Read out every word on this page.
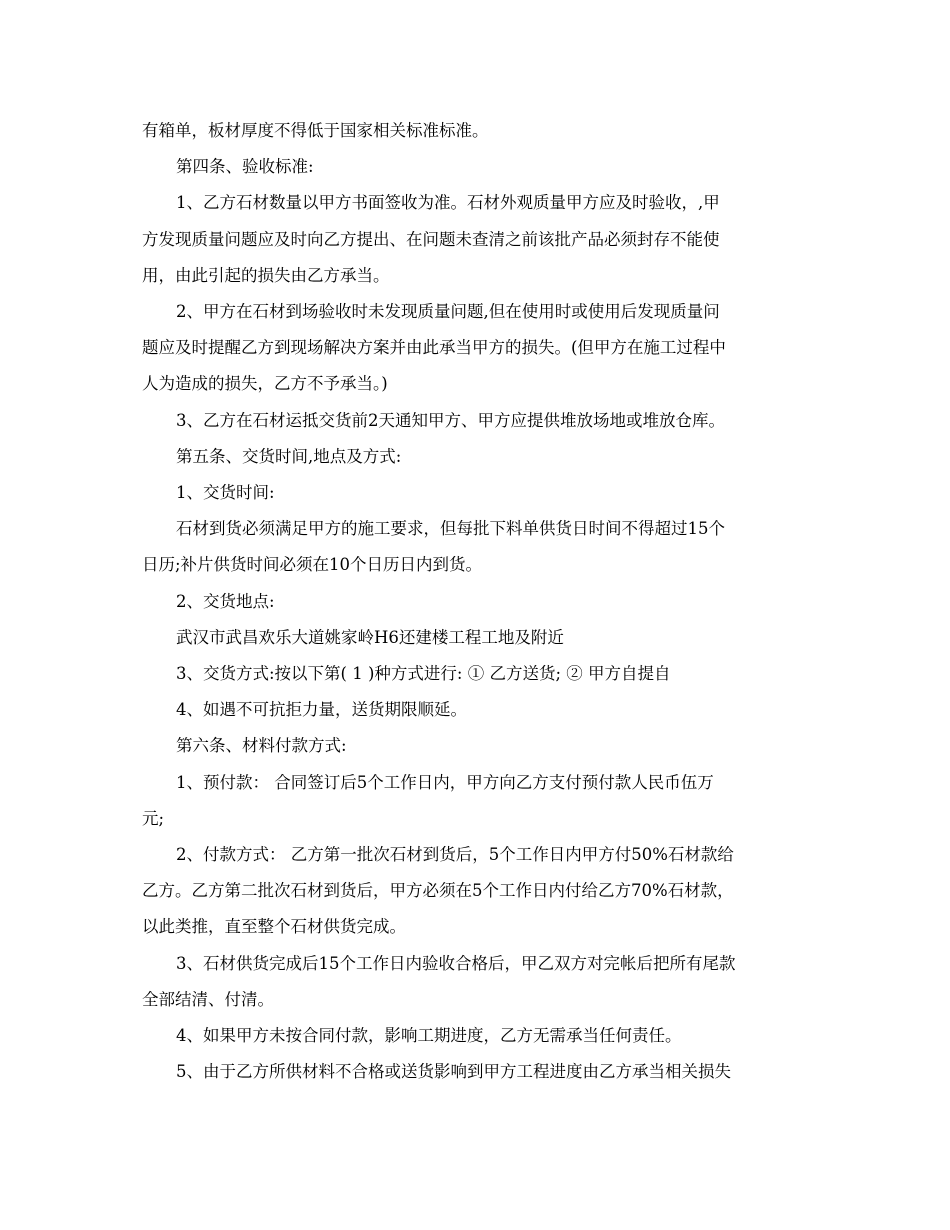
有箱单，板材厚度不得低于国家相关标准标准。

第四条、验收标准:

1、乙方石材数量以甲方书面签收为准。石材外观质量甲方应及时验收，,甲

方发现质量问题应及时向乙方提出、在问题未查清之前该批产品必须封存不能使

用，由此引起的损失由乙方承当。

2、甲方在石材到场验收时未发现质量问题,但在使用时或使用后发现质量问

题应及时提醒乙方到现场解决方案并由此承当甲方的损失。(但甲方在施工过程中

人为造成的损失，乙方不予承当。)

3、乙方在石材运抵交货前2天通知甲方、甲方应提供堆放场地或堆放仓库。

第五条、交货时间,地点及方式:

1、交货时间:

石材到货必须满足甲方的施工要求，但每批下料单供货日时间不得超过15个

日历;补片供货时间必须在10个日历日内到货。

2、交货地点:

武汉市武昌欢乐大道姚家岭H6还建楼工程工地及附近

3、交货方式:按以下第( 1 )种方式进行: ① 乙方送货; ② 甲方自提自

4、如遇不可抗拒力量，送货期限顺延。

第六条、材料付款方式:

1、预付款： 合同签订后5个工作日内，甲方向乙方支付预付款人民币伍万

元;

2、付款方式： 乙方第一批次石材到货后，5个工作日内甲方付50%石材款给

乙方。乙方第二批次石材到货后，甲方必须在5个工作日内付给乙方70%石材款，

以此类推，直至整个石材供货完成。

3、石材供货完成后15个工作日内验收合格后，甲乙双方对完帐后把所有尾款

全部结清、付清。

4、如果甲方未按合同付款，影响工期进度，乙方无需承当任何责任。

5、由于乙方所供材料不合格或送货影响到甲方工程进度由乙方承当相关损失
